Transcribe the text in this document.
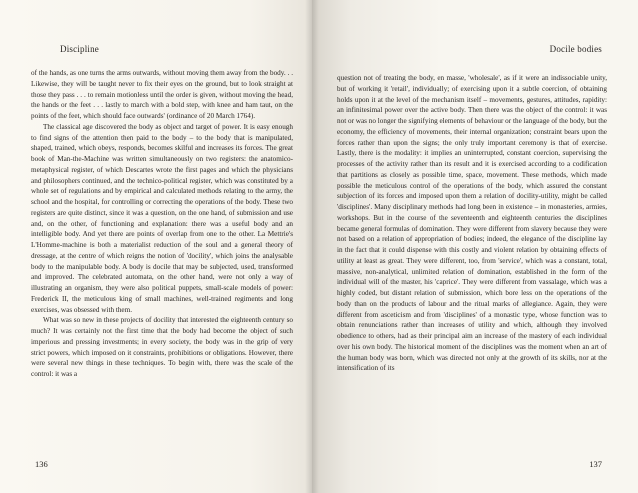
Discipline

of the hands, as one turns the arms outwards, without moving them away from the body. . . Likewise, they will be taught never to fix their eyes on the ground, but to look straight at those they pass . . . to remain motionless until the order is given, without moving the head, the hands or the feet . . . lastly to march with a bold step, with knee and ham taut, on the points of the feet, which should face outwards' (ordinance of 20 March 1764).

The classical age discovered the body as object and target of power. It is easy enough to find signs of the attention then paid to the body – to the body that is manipulated, shaped, trained, which obeys, responds, becomes skilful and increases its forces. The great book of Man-the-Machine was written simultaneously on two registers: the anatomico-metaphysical register, of which Descartes wrote the first pages and which the physicians and philosophers continued, and the technico-political register, which was constituted by a whole set of regulations and by empirical and calculated methods relating to the army, the school and the hospital, for controlling or correcting the operations of the body. These two registers are quite distinct, since it was a question, on the one hand, of submission and use and, on the other, of functioning and explanation: there was a useful body and an intelligible body. And yet there are points of overlap from one to the other. La Mettrie's L'Homme-machine is both a materialist reduction of the soul and a general theory of dressage, at the centre of which reigns the notion of 'docility', which joins the analysable body to the manipulable body. A body is docile that may be subjected, used, transformed and improved. The celebrated automata, on the other hand, were not only a way of illustrating an organism, they were also political puppets, small-scale models of power: Frederick II, the meticulous king of small machines, well-trained regiments and long exercises, was obsessed with them.

What was so new in these projects of docility that interested the eighteenth century so much? It was certainly not the first time that the body had become the object of such imperious and pressing investments; in every society, the body was in the grip of very strict powers, which imposed on it constraints, prohibitions or obligations. However, there were several new things in these techniques. To begin with, there was the scale of the control: it was a

136
Docile bodies

question not of treating the body, en masse, 'wholesale', as if it were an indissociable unity, but of working it 'retail', individually; of exercising upon it a subtle coercion, of obtaining holds upon it at the level of the mechanism itself – movements, gestures, attitudes, rapidity: an infinitesimal power over the active body. Then there was the object of the control: it was not or was no longer the signifying elements of behaviour or the language of the body, but the economy, the efficiency of movements, their internal organization; constraint bears upon the forces rather than upon the signs; the only truly important ceremony is that of exercise. Lastly, there is the modality: it implies an uninterrupted, constant coercion, supervising the processes of the activity rather than its result and it is exercised according to a codification that partitions as closely as possible time, space, movement. These methods, which made possible the meticulous control of the operations of the body, which assured the constant subjection of its forces and imposed upon them a relation of docility-utility, might be called 'disciplines'. Many disciplinary methods had long been in existence – in monasteries, armies, workshops. But in the course of the seventeenth and eighteenth centuries the disciplines became general formulas of domination. They were different from slavery because they were not based on a relation of appropriation of bodies; indeed, the elegance of the discipline lay in the fact that it could dispense with this costly and violent relation by obtaining effects of utility at least as great. They were different, too, from 'service', which was a constant, total, massive, non-analytical, unlimited relation of domination, established in the form of the individual will of the master, his 'caprice'. They were different from vassalage, which was a highly coded, but distant relation of submission, which bore less on the operations of the body than on the products of labour and the ritual marks of allegiance. Again, they were different from asceticism and from 'disciplines' of a monastic type, whose function was to obtain renunciations rather than increases of utility and which, although they involved obedience to others, had as their principal aim an increase of the mastery of each individual over his own body. The historical moment of the disciplines was the moment when an art of the human body was born, which was directed not only at the growth of its skills, nor at the intensification of its

137
